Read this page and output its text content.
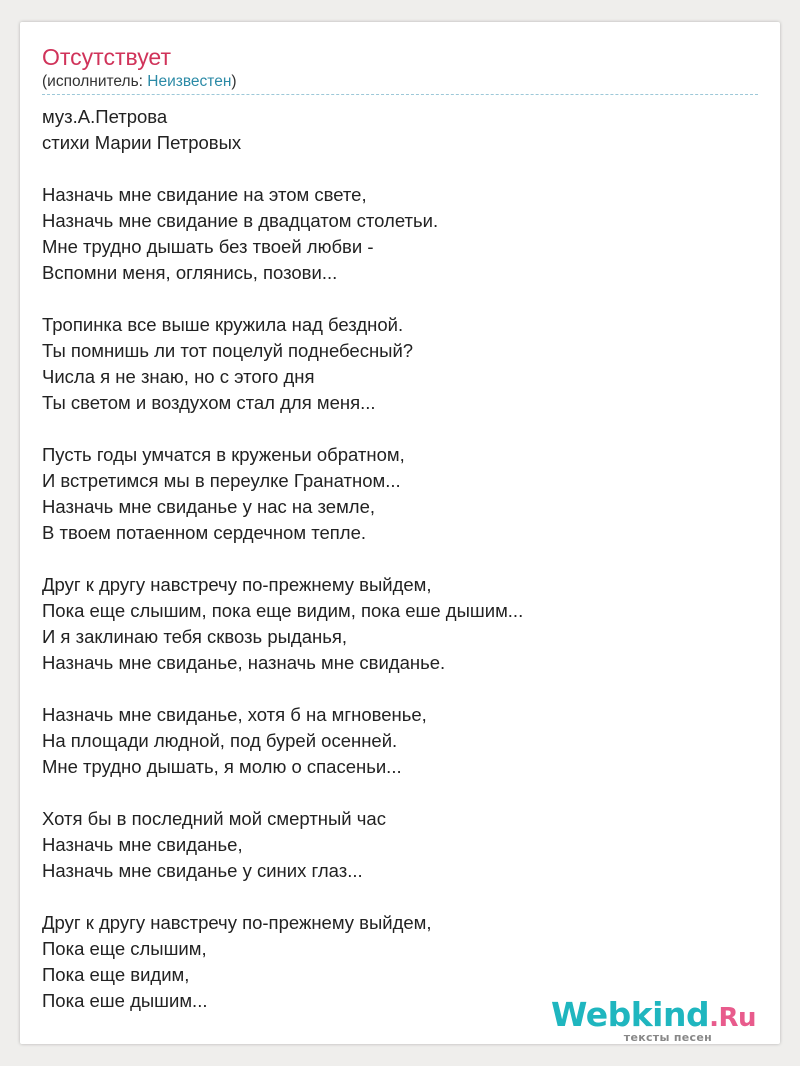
Отсутствует
(исполнитель: Неизвестен)
муз.А.Петрова
стихи Марии Петровых
Назначь мне свидание на этом свете,
Назначь мне свидание в двадцатом столетьи.
Мне трудно дышать без твоей любви -
Вспомни меня, оглянись, позови...
Тропинка все выше кружила над бездной.
Ты помнишь ли тот поцелуй поднебесный?
Числа я не знаю, но с этого дня
Ты светом и воздухом стал для меня...
Пусть годы умчатся в круженьи обратном,
И встретимся мы в переулке Гранатном...
Назначь мне свиданье у нас на земле,
В твоем потаенном сердечном тепле.
Друг к другу навстречу по-прежнему выйдем,
Пока еще слышим, пока еще видим, пока еше дышим...
И я заклинаю тебя сквозь рыданья,
Назначь мне свиданье, назначь мне свиданье.
Назначь мне свиданье, хотя б на мгновенье,
На площади людной, под бурей осенней.
Мне трудно дышать, я молю о спасеньи...
Хотя бы в последний мой смертный час
Назначь мне свиданье,
Назначь мне свиданье у синих глаз...
Друг к другу навстречу по-прежнему выйдем,
Пока еще слышим,
Пока еще видим,
Пока еше дышим...	Webkind.Ru
тексты песен
